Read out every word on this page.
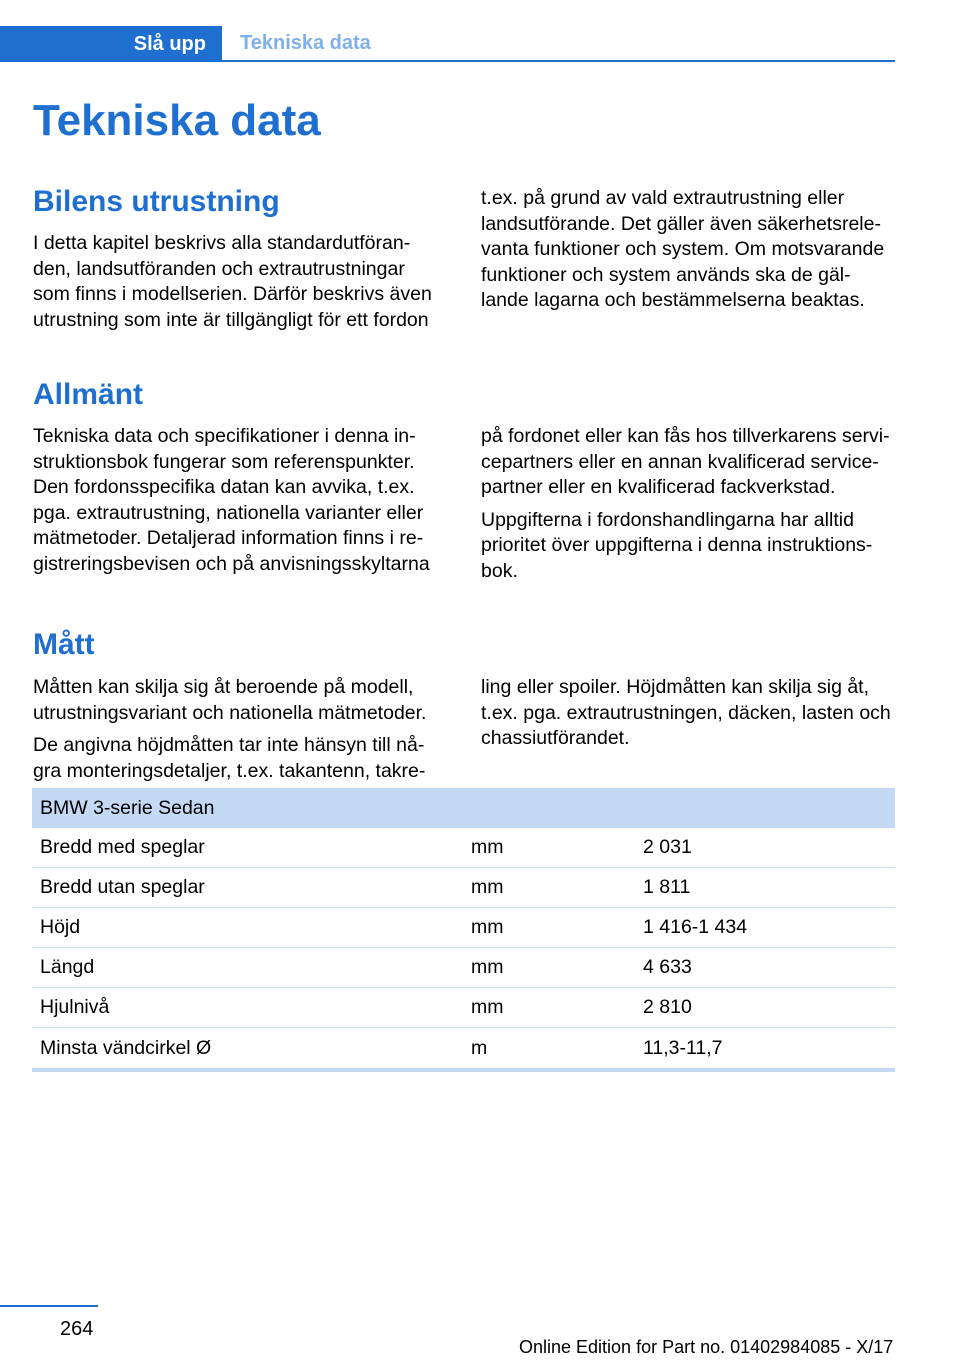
Slå upp	Tekniska data
Tekniska data
Bilens utrustning

I detta kapitel beskrivs alla standardutföran-den, landsutföranden och extrautrustningar som finns i modellserien. Därför beskrivs även utrustning som inte är tillgängligt för ett fordon

t.ex. på grund av vald extrautrustning eller landsutförande. Det gäller även säkerhetsrele-vanta funktioner och system. Om motsvarande funktioner och system används ska de gäl-lande lagarna och bestämmelserna beaktas.

Allmänt

Tekniska data och specifikationer i denna in-struktionsbok fungerar som referenspunkter. Den fordonsspecifika datan kan avvika, t.ex. pga. extrautrustning, nationella varianter eller mätmetoder. Detaljerad information finns i re-gistreringsbevisen och på anvisningsskyltarna

på fordonet eller kan fås hos tillverkarens servi-cepartners eller en annan kvalificerad service-partner eller en kvalificerad fackverkstad.

Uppgifterna i fordonshandlingarna har alltid prioritet över uppgifterna i denna instruktions-bok.

Mått

Måtten kan skilja sig åt beroende på modell, utrustningsvariant och nationella mätmetoder.

De angivna höjdmåtten tar inte hänsyn till nå-gra monteringsdetaljer, t.ex. takantenn, takre-

ling eller spoiler. Höjdmåtten kan skilja sig åt, t.ex. pga. extrautrustningen, däcken, lasten och chassiutförandet.

BMW 3-serie Sedan		
Bredd med speglar	mm	2 031
Bredd utan speglar	mm	1 811
Höjd	mm	1 416-1 434
Längd	mm	4 633
Hjulnivå	mm	2 810
Minsta vändcirkel Ø	m	11,3-11,7
264
Online Edition for Part no. 01402984085 - X/17
